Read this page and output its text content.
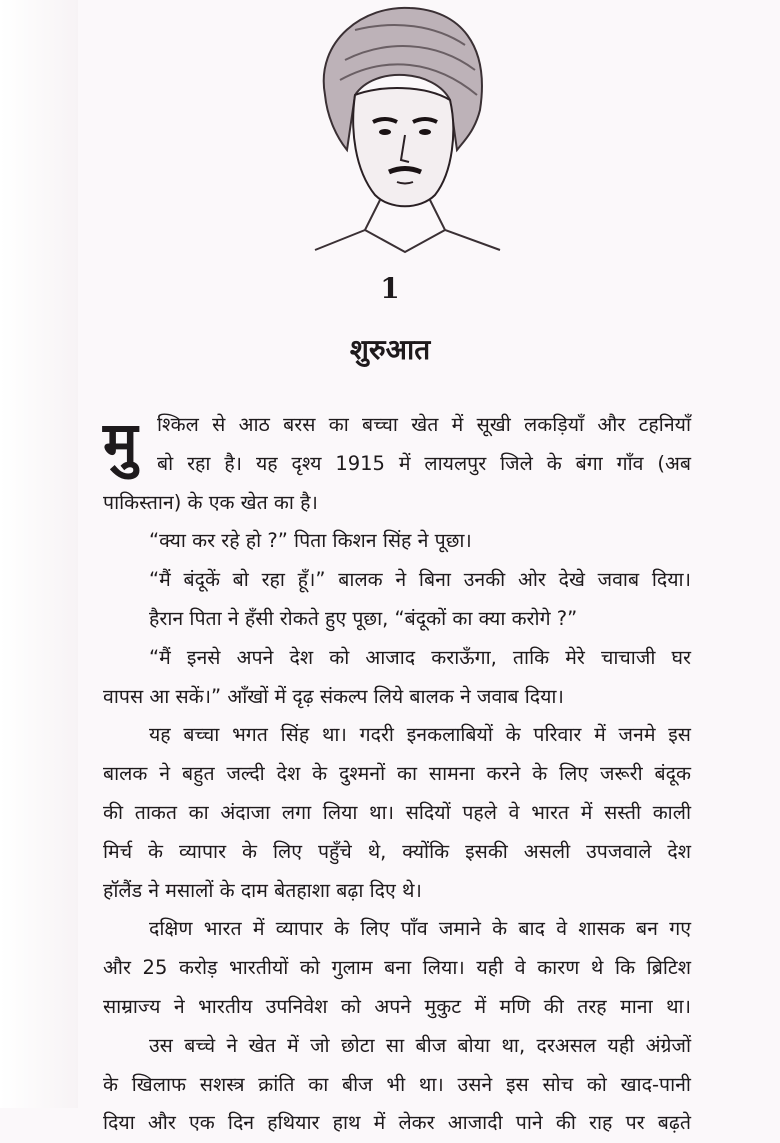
1
शुरुआत
मु श्किल से आठ बरस का बच्चा खेत में सूखी लकड़ियाँ और टहनियाँ
बो रहा है। यह दृश्य 1915 में लायलपुर जिले के बंगा गाँव (अब
पाकिस्तान) के एक खेत का है।
“क्या कर रहे हो ?” पिता किशन सिंह ने पूछा।
“मैं बंदूकें बो रहा हूँ।” बालक ने बिना उनकी ओर देखे जवाब दिया।
हैरान पिता ने हँसी रोकते हुए पूछा, “बंदूकों का क्या करोगे ?”
“मैं इनसे अपने देश को आजाद कराऊँगा, ताकि मेरे चाचाजी घर
वापस आ सकें।” आँखों में दृढ़ संकल्प लिये बालक ने जवाब दिया।
यह बच्चा भगत सिंह था। गदरी इनकलाबियों के परिवार में जनमे इस
बालक ने बहुत जल्दी देश के दुश्मनों का सामना करने के लिए जरूरी बंदूक
की ताकत का अंदाजा लगा लिया था। सदियों पहले वे भारत में सस्ती काली
मिर्च के व्यापार के लिए पहुँचे थे, क्योंकि इसकी असली उपजवाले देश
हॉलैंड ने मसालों के दाम बेतहाशा बढ़ा दिए थे।
दक्षिण भारत में व्यापार के लिए पाँव जमाने के बाद वे शासक बन गए
और 25 करोड़ भारतीयों को गुलाम बना लिया। यही वे कारण थे कि ब्रिटिश
साम्राज्य ने भारतीय उपनिवेश को अपने मुकुट में मणि की तरह माना था।
उस बच्चे ने खेत में जो छोटा सा बीज बोया था, दरअसल यही अंग्रेजों
के खिलाफ सशस्त्र क्रांति का बीज भी था। उसने इस सोच को खाद-पानी
दिया और एक दिन हथियार हाथ में लेकर आजादी पाने की राह पर बढ़ते
